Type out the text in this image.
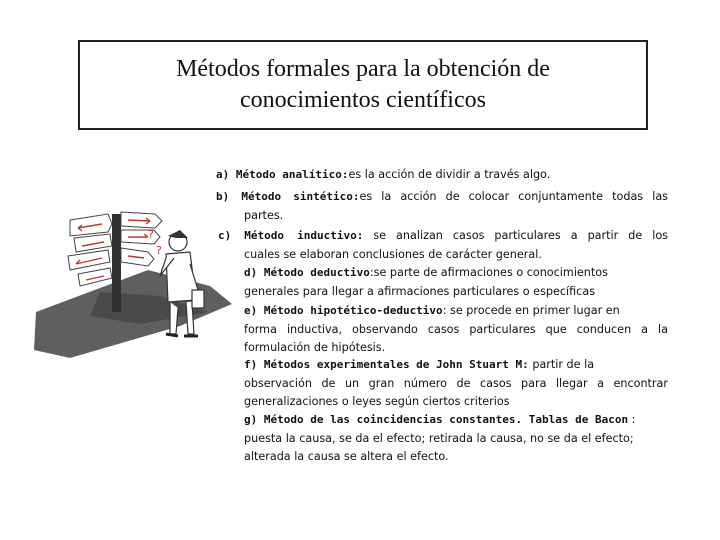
Métodos formales para la obtención de
conocimientos científicos
?
?
a) Método analítico:es la acción de dividir a través algo.
b) Método sintético:es la acción de colocar conjuntamente todas las
partes.
c) Método inductivo: se analizan casos particulares a partir de los
cuales se elaboran conclusiones de carácter general.
d) Método deductivo:se parte de afirmaciones o conocimientos
generales para llegar a afirmaciones particulares o específicas
e) Método hipotético-deductivo: se procede en primer lugar en
forma inductiva, observando casos particulares que conducen a la
formulación de hipótesis.
f) Métodos experimentales de John Stuart M: partir de la
observación de un gran número de casos para llegar a encontrar
generalizaciones o leyes según ciertos criterios
g) Método de las coincidencias constantes. Tablas de Bacon :
puesta la causa, se da el efecto; retirada la causa, no se da el efecto;
alterada la causa se altera el efecto.
